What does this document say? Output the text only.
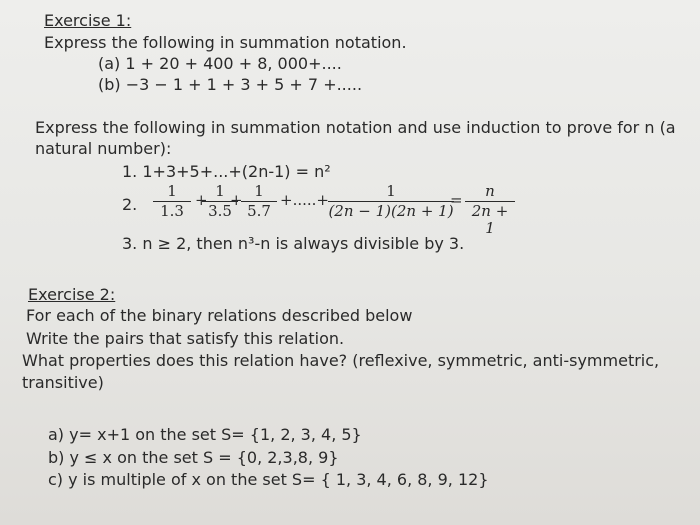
Exercise 1:
Express the following in summation notation.
(a) 1 + 20 + 400 + 8, 000+....
(b) −3 − 1 + 1 + 3 + 5 + 7 +.....
Express the following in summation notation and use induction to prove for n (a
natural number):
1. 1+3+5+...+(2n-1) = n²
2.
1
1.3
+ 1
3.5
+ 1
5.7
+.....+	1
(2n − 1)(2n + 1)
=	n
2n + 1
3. n ≥ 2, then n³-n is always divisible by 3.
Exercise 2:
For each of the binary relations described below
Write the pairs that satisfy this relation.
What properties does this relation have? (reflexive, symmetric, anti-symmetric,
transitive)
a) y= x+1 on the set S= {1, 2, 3, 4, 5}
b) y ≤ x on the set S = {0, 2,3,8, 9}
c) y is multiple of x on the set S= { 1, 3, 4, 6, 8, 9, 12}
